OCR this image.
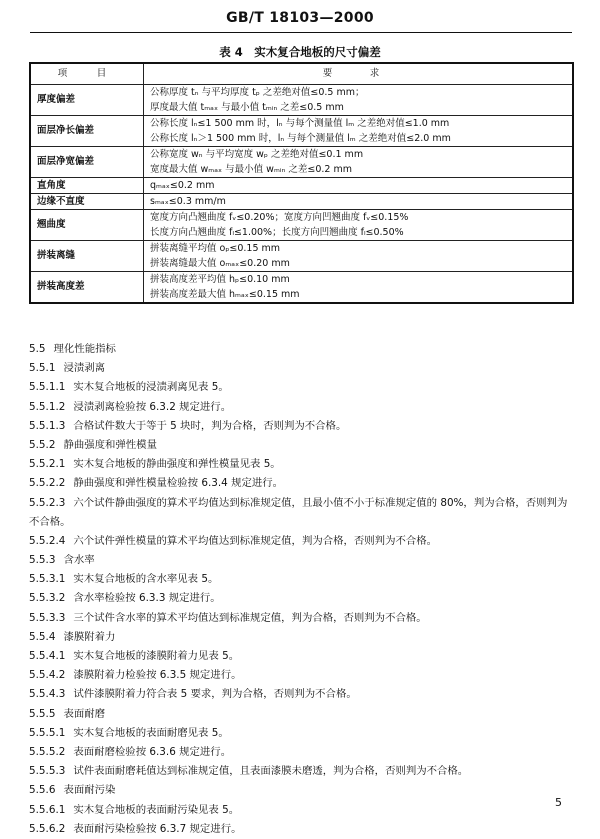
GB/T 18103—2000
表 4　实木复合地板的尺寸偏差
项　目	要　求
厚度偏差	公称厚度 tₙ 与平均厚度 tₚ 之差绝对值≤0.5 mm；
厚度最大值 tₘₐₓ 与最小值 tₘᵢₙ 之差≤0.5 mm

面层净长偏差	公称长度 lₙ≤1 500 mm 时，lₙ 与每个测量值 lₘ 之差绝对值≤1.0 mm
公称长度 lₙ＞1 500 mm 时，lₙ 与每个测量值 lₘ 之差绝对值≤2.0 mm

面层净宽偏差	公称宽度 wₙ 与平均宽度 wₚ 之差绝对值≤0.1 mm
宽度最大值 wₘₐₓ 与最小值 wₘᵢₙ 之差≤0.2 mm

直角度	qₘₐₓ≤0.2 mm

边缘不直度	sₘₐₓ≤0.3 mm/m

翘曲度	宽度方向凸翘曲度 fᵥ≤0.20%；宽度方向凹翘曲度 fᵥ≤0.15%
长度方向凸翘曲度 fₗ≤1.00%；长度方向凹翘曲度 fₗ≤0.50%

拼装离缝	拼装离缝平均值 oₚ≤0.15 mm
拼装离缝最大值 oₘₐₓ≤0.20 mm

拼装高度差	拼装高度差平均值 hₚ≤0.10 mm
拼装高度差最大值 hₘₐₓ≤0.15 mm
5.5 理化性能指标
5.5.1 浸渍剥离
5.5.1.1 实木复合地板的浸渍剥离见表 5。
5.5.1.2 浸渍剥离检验按 6.3.2 规定进行。
5.5.1.3 合格试件数大于等于 5 块时，判为合格，否则判为不合格。
5.5.2 静曲强度和弹性模量
5.5.2.1 实木复合地板的静曲强度和弹性模量见表 5。
5.5.2.2 静曲强度和弹性模量检验按 6.3.4 规定进行。
5.5.2.3 六个试件静曲强度的算术平均值达到标准规定值，且最小值不小于标准规定值的 80%，判为合格，否则判为不合格。
5.5.2.4 六个试件弹性模量的算术平均值达到标准规定值，判为合格，否则判为不合格。
5.5.3 含水率
5.5.3.1 实木复合地板的含水率见表 5。
5.5.3.2 含水率检验按 6.3.3 规定进行。
5.5.3.3 三个试件含水率的算术平均值达到标准规定值，判为合格，否则判为不合格。
5.5.4 漆膜附着力
5.5.4.1 实木复合地板的漆膜附着力见表 5。
5.5.4.2 漆膜附着力检验按 6.3.5 规定进行。
5.5.4.3 试件漆膜附着力符合表 5 要求，判为合格，否则判为不合格。
5.5.5 表面耐磨
5.5.5.1 实木复合地板的表面耐磨见表 5。
5.5.5.2 表面耐磨检验按 6.3.6 规定进行。
5.5.5.3 试件表面耐磨耗值达到标准规定值，且表面漆膜未磨透，判为合格，否则判为不合格。
5.5.6 表面耐污染
5.5.6.1 实木复合地板的表面耐污染见表 5。
5.5.6.2 表面耐污染检验按 6.3.7 规定进行。
5
